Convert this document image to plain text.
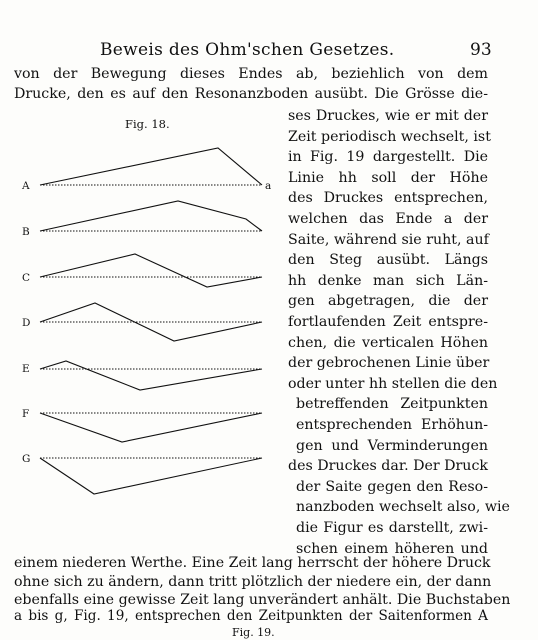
Beweis des Ohm'schen Gesetzes.	93
Fig. 18.
A
B
C
D
E
F
G
a
von der Bewegung dieses Endes ab, beziehlich von dem
Drucke, den es auf den Resonanzboden ausübt. Die Grösse die-
ses Druckes, wie er mit der
Zeit periodisch wechselt, ist
in Fig. 19 dargestellt. Die
Linie hh soll der Höhe
des Druckes entsprechen,
welchen das Ende a der
Saite, während sie ruht, auf
den Steg ausübt. Längs
hh denke man sich Län-
gen abgetragen, die der
fortlaufenden Zeit entspre-
chen, die verticalen Höhen
der gebrochenen Linie über
oder unter hh stellen die den
betreffenden Zeitpunkten
entsprechenden Erhöhun-
gen und Verminderungen
des Druckes dar. Der Druck
der Saite gegen den Reso-
nanzboden wechselt also, wie
die Figur es darstellt, zwi-
schen einem höheren und
einem niederen Werthe. Eine Zeit lang herrscht der höhere Druck
ohne sich zu ändern, dann tritt plötzlich der niedere ein, der dann
ebenfalls eine gewisse Zeit lang unverändert anhält. Die Buchstaben
a bis g, Fig. 19, entsprechen den Zeitpunkten der Saitenformen A
Fig. 19.
